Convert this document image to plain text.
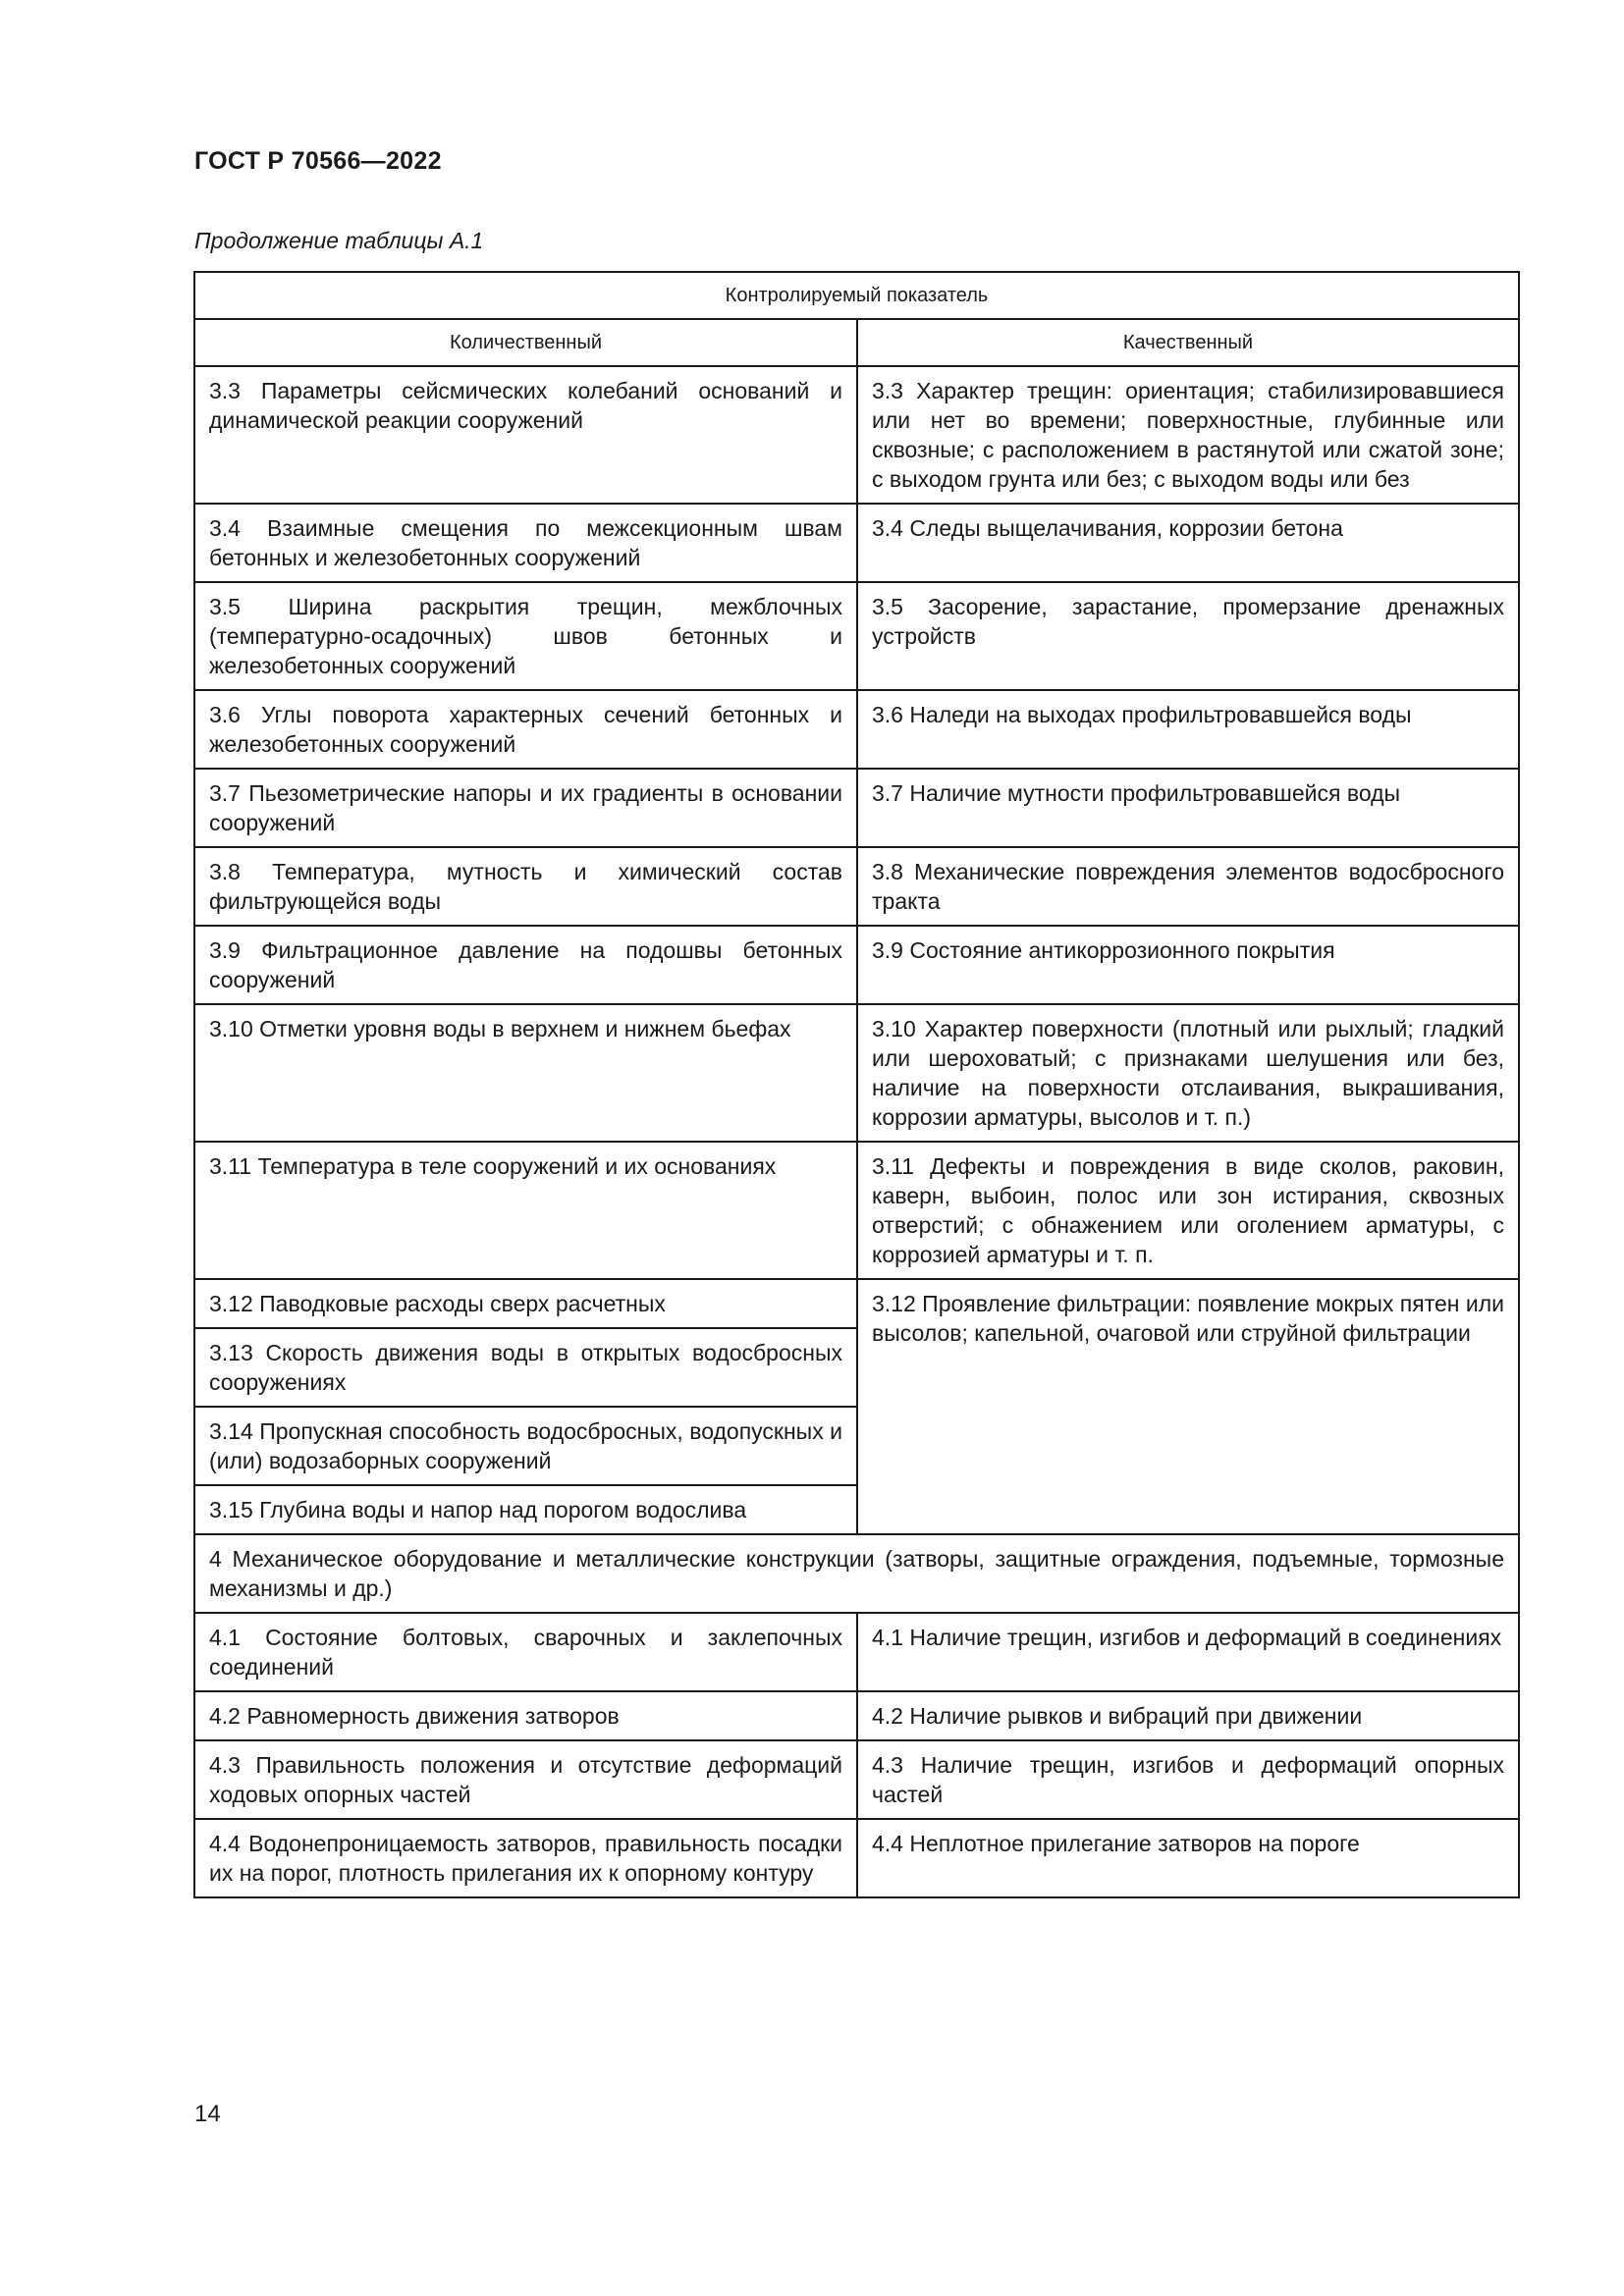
ГОСТ Р 70566—2022
Продолжение таблицы А.1
Контролируемый показатель	
Количественный	Качественный
3.3 Параметры сейсмических колебаний оснований и динамической реакции сооружений	3.3 Характер трещин: ориентация; стабилизировавшиеся или нет во времени; поверхностные, глубинные или сквозные; с расположением в растянутой или сжатой зоне; с выходом грунта или без; с выходом воды или без
3.4 Взаимные смещения по межсекционным швам бетонных и железобетонных сооружений	3.4 Следы выщелачивания, коррозии бетона
3.5 Ширина раскрытия трещин, межблочных (температурно-осадочных) швов бетонных и железобетонных сооружений	3.5 Засорение, зарастание, промерзание дренажных устройств
3.6 Углы поворота характерных сечений бетонных и железобетонных сооружений	3.6 Наледи на выходах профильтровавшейся воды
3.7 Пьезометрические напоры и их градиенты в основании сооружений	3.7 Наличие мутности профильтровавшейся воды
3.8 Температура, мутность и химический состав фильтрующейся воды	3.8 Механические повреждения элементов водосбросного тракта
3.9 Фильтрационное давление на подошвы бетонных сооружений	3.9 Состояние антикоррозионного покрытия
3.10 Отметки уровня воды в верхнем и нижнем бьефах	3.10 Характер поверхности (плотный или рыхлый; гладкий или шероховатый; с признаками шелушения или без, наличие на поверхности отслаивания, выкрашивания, коррозии арматуры, высолов и т. п.)
3.11 Температура в теле сооружений и их основаниях	3.11 Дефекты и повреждения в виде сколов, раковин, каверн, выбоин, полос или зон истирания, сквозных отверстий; с обнажением или оголением арматуры, с коррозией арматуры и т. п.
3.12 Паводковые расходы сверх расчетных	3.12 Проявление фильтрации: появление мокрых пятен или высолов; капельной, очаговой или струйной фильтрации
3.13 Скорость движения воды в открытых водосбросных сооружениях	
3.14 Пропускная способность водосбросных, водопускных и (или) водозаборных сооружений	
3.15 Глубина воды и напор над порогом водослива	
4 Механическое оборудование и металлические конструкции (затворы, защитные ограждения, подъемные, тормозные механизмы и др.)	
4.1 Состояние болтовых, сварочных и заклепочных соединений	4.1 Наличие трещин, изгибов и деформаций в соединениях
4.2 Равномерность движения затворов	4.2 Наличие рывков и вибраций при движении
4.3 Правильность положения и отсутствие деформаций ходовых опорных частей	4.3 Наличие трещин, изгибов и деформаций опорных частей
4.4 Водонепроницаемость затворов, правильность посадки их на порог, плотность прилегания их к опорному контуру	4.4 Неплотное прилегание затворов на пороге
14
